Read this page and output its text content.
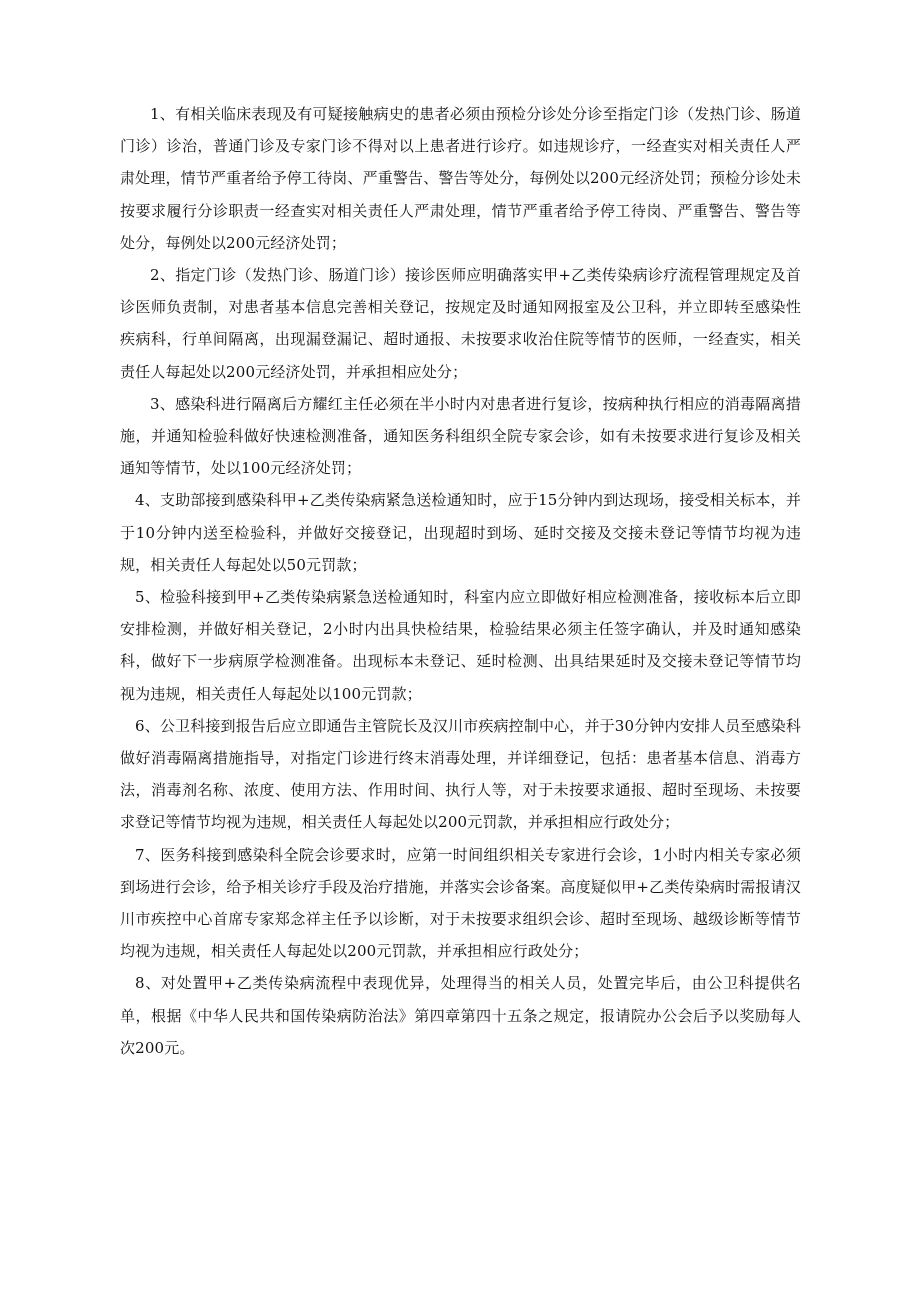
1、有相关临床表现及有可疑接触病史的患者必须由预检分诊处分诊至指定门诊（发热门诊、肠道门诊）诊治，普通门诊及专家门诊不得对以上患者进行诊疗。如违规诊疗，一经查实对相关责任人严肃处理，情节严重者给予停工待岗、严重警告、警告等处分，每例处以200元经济处罚；预检分诊处未按要求履行分诊职责一经查实对相关责任人严肃处理，情节严重者给予停工待岗、严重警告、警告等处分，每例处以200元经济处罚；

2、指定门诊（发热门诊、肠道门诊）接诊医师应明确落实甲+乙类传染病诊疗流程管理规定及首诊医师负责制，对患者基本信息完善相关登记，按规定及时通知网报室及公卫科，并立即转至感染性疾病科，行单间隔离，出现漏登漏记、超时通报、未按要求收治住院等情节的医师，一经查实，相关责任人每起处以200元经济处罚，并承担相应处分；

3、感染科进行隔离后方耀红主任必须在半小时内对患者进行复诊，按病种执行相应的消毒隔离措施，并通知检验科做好快速检测准备，通知医务科组织全院专家会诊，如有未按要求进行复诊及相关通知等情节，处以100元经济处罚；

4、支助部接到感染科甲+乙类传染病紧急送检通知时，应于15分钟内到达现场，接受相关标本，并于10分钟内送至检验科，并做好交接登记，出现超时到场、延时交接及交接未登记等情节均视为违规，相关责任人每起处以50元罚款；

5、检验科接到甲+乙类传染病紧急送检通知时，科室内应立即做好相应检测准备，接收标本后立即安排检测，并做好相关登记，2小时内出具快检结果，检验结果必须主任签字确认，并及时通知感染科，做好下一步病原学检测准备。出现标本未登记、延时检测、出具结果延时及交接未登记等情节均视为违规，相关责任人每起处以100元罚款；

6、公卫科接到报告后应立即通告主管院长及汉川市疾病控制中心，并于30分钟内安排人员至感染科做好消毒隔离措施指导，对指定门诊进行终末消毒处理，并详细登记，包括：患者基本信息、消毒方法，消毒剂名称、浓度、使用方法、作用时间、执行人等，对于未按要求通报、超时至现场、未按要求登记等情节均视为违规，相关责任人每起处以200元罚款，并承担相应行政处分；

7、医务科接到感染科全院会诊要求时，应第一时间组织相关专家进行会诊，1小时内相关专家必须到场进行会诊，给予相关诊疗手段及治疗措施，并落实会诊备案。高度疑似甲+乙类传染病时需报请汉川市疾控中心首席专家郑念祥主任予以诊断，对于未按要求组织会诊、超时至现场、越级诊断等情节均视为违规，相关责任人每起处以200元罚款，并承担相应行政处分；

8、对处置甲+乙类传染病流程中表现优异，处理得当的相关人员，处置完毕后，由公卫科提供名单，根据《中华人民共和国传染病防治法》第四章第四十五条之规定，报请院办公会后予以奖励每人次200元。
